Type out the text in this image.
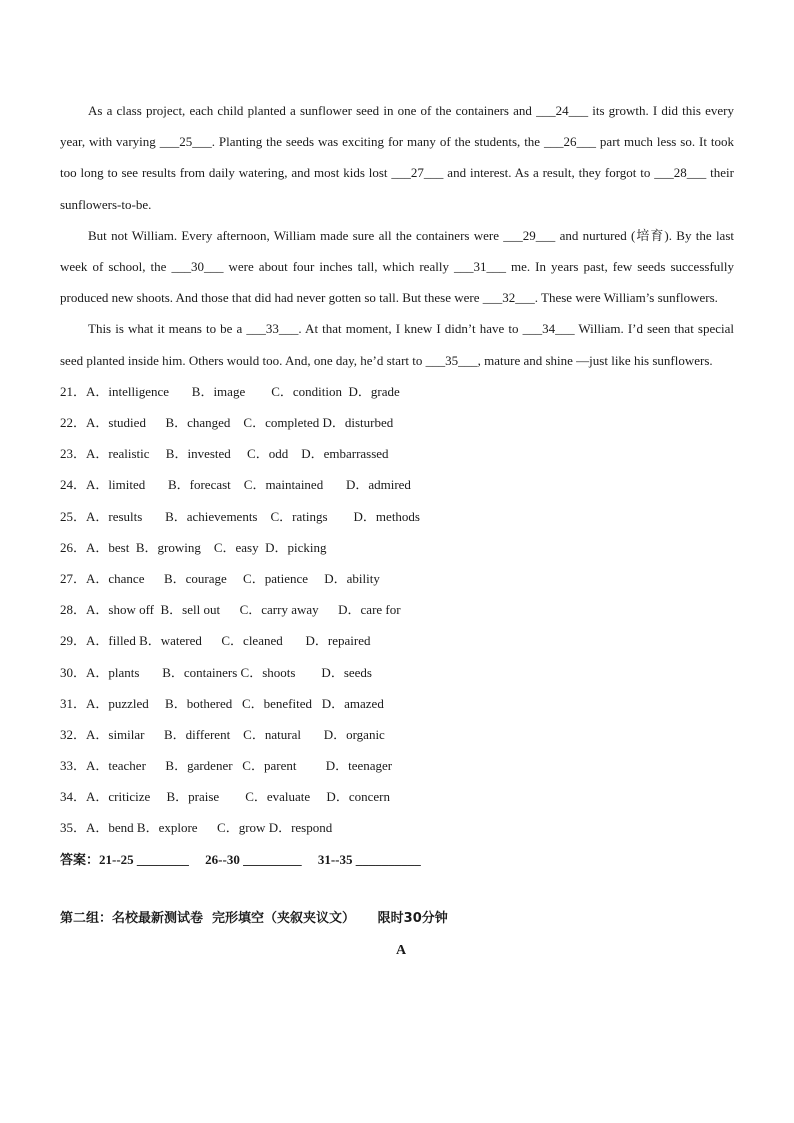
As a class project, each child planted a sunflower seed in one of the containers and ___24___ its growth. I did this every year, with varying ___25___. Planting the seeds was exciting for many of the students, the ___26___ part much less so. It took too long to see results from daily watering, and most kids lost ___27___ and interest. As a result, they forgot to ___28___ their sunflowers-to-be.

But not William. Every afternoon, William made sure all the containers were ___29___ and nurtured (培育). By the last week of school, the ___30___ were about four inches tall, which really ___31___ me. In years past, few seeds successfully produced new shoots. And those that did had never gotten so tall. But these were ___32___. These were William’s sunflowers.

This is what it means to be a ___33___. At that moment, I knew I didn’t have to ___34___ William. I’d seen that special seed planted inside him. Others would too. And, one day, he’d start to ___35___, mature and shine —just like his sunflowers.

21．A．intelligence       B．image        C．condition  D．grade
22．A．studied      B．changed    C．completed D．disturbed
23．A．realistic     B．invested     C．odd    D．embarrassed
24．A．limited       B．forecast    C．maintained       D．admired
25．A．results       B．achievements    C．ratings        D．methods
26．A．best  B．growing    C．easy  D．picking
27．A．chance      B．courage     C．patience     D．ability
28．A．show off  B．sell out      C．carry away      D．care for
29．A．filled B．watered      C．cleaned       D．repaired
30．A．plants       B．containers C．shoots        D．seeds
31．A．puzzled     B．bothered   C．benefited   D．amazed
32．A．similar      B．different    C．natural       D．organic
33．A．teacher      B．gardener   C．parent         D．teenager
34．A．criticize     B．praise        C．evaluate     D．concern
35．A．bend B．explore      C．grow D．respond
答案：21--25 ________     26--30 _________     31--35 __________
第二组：名校最新测试卷  完形填空（夹叙夹议文）     限时30分钟
A
